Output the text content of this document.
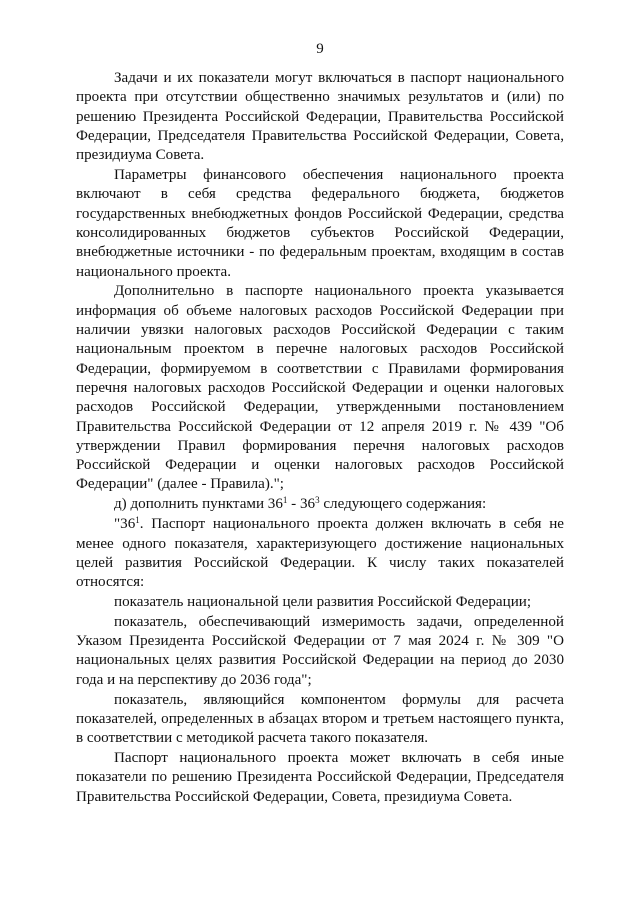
9

Задачи и их показатели могут включаться в паспорт национального проекта при отсутствии общественно значимых результатов и (или) по решению Президента Российской Федерации, Правительства Российской Федерации, Председателя Правительства Российской Федерации, Совета, президиума Совета.

Параметры финансового обеспечения национального проекта включают в себя средства федерального бюджета, бюджетов государственных внебюджетных фондов Российской Федерации, средства консолидированных бюджетов субъектов Российской Федерации, внебюджетные источники - по федеральным проектам, входящим в состав национального проекта.

Дополнительно в паспорте национального проекта указывается информация об объеме налоговых расходов Российской Федерации при наличии увязки налоговых расходов Российской Федерации с таким национальным проектом в перечне налоговых расходов Российской Федерации, формируемом в соответствии с Правилами формирования перечня налоговых расходов Российской Федерации и оценки налоговых расходов Российской Федерации, утвержденными постановлением Правительства Российской Федерации от 12 апреля 2019 г. № 439 "Об утверждении Правил формирования перечня налоговых расходов Российской Федерации и оценки налоговых расходов Российской Федерации" (далее - Правила).";

д) дополнить пунктами $36^1 - 36^3$ следующего содержания:

"$36^1$. Паспорт национального проекта должен включать в себя не менее одного показателя, характеризующего достижение национальных целей развития Российской Федерации. К числу таких показателей относятся:

показатель национальной цели развития Российской Федерации;

показатель, обеспечивающий измеримость задачи, определенной Указом Президента Российской Федерации от 7 мая 2024 г. № 309 "О национальных целях развития Российской Федерации на период до 2030 года и на перспективу до 2036 года";

показатель, являющийся компонентом формулы для расчета показателей, определенных в абзацах втором и третьем настоящего пункта, в соответствии с методикой расчета такого показателя.

Паспорт национального проекта может включать в себя иные показатели по решению Президента Российской Федерации, Председателя Правительства Российской Федерации, Совета, президиума Совета.
